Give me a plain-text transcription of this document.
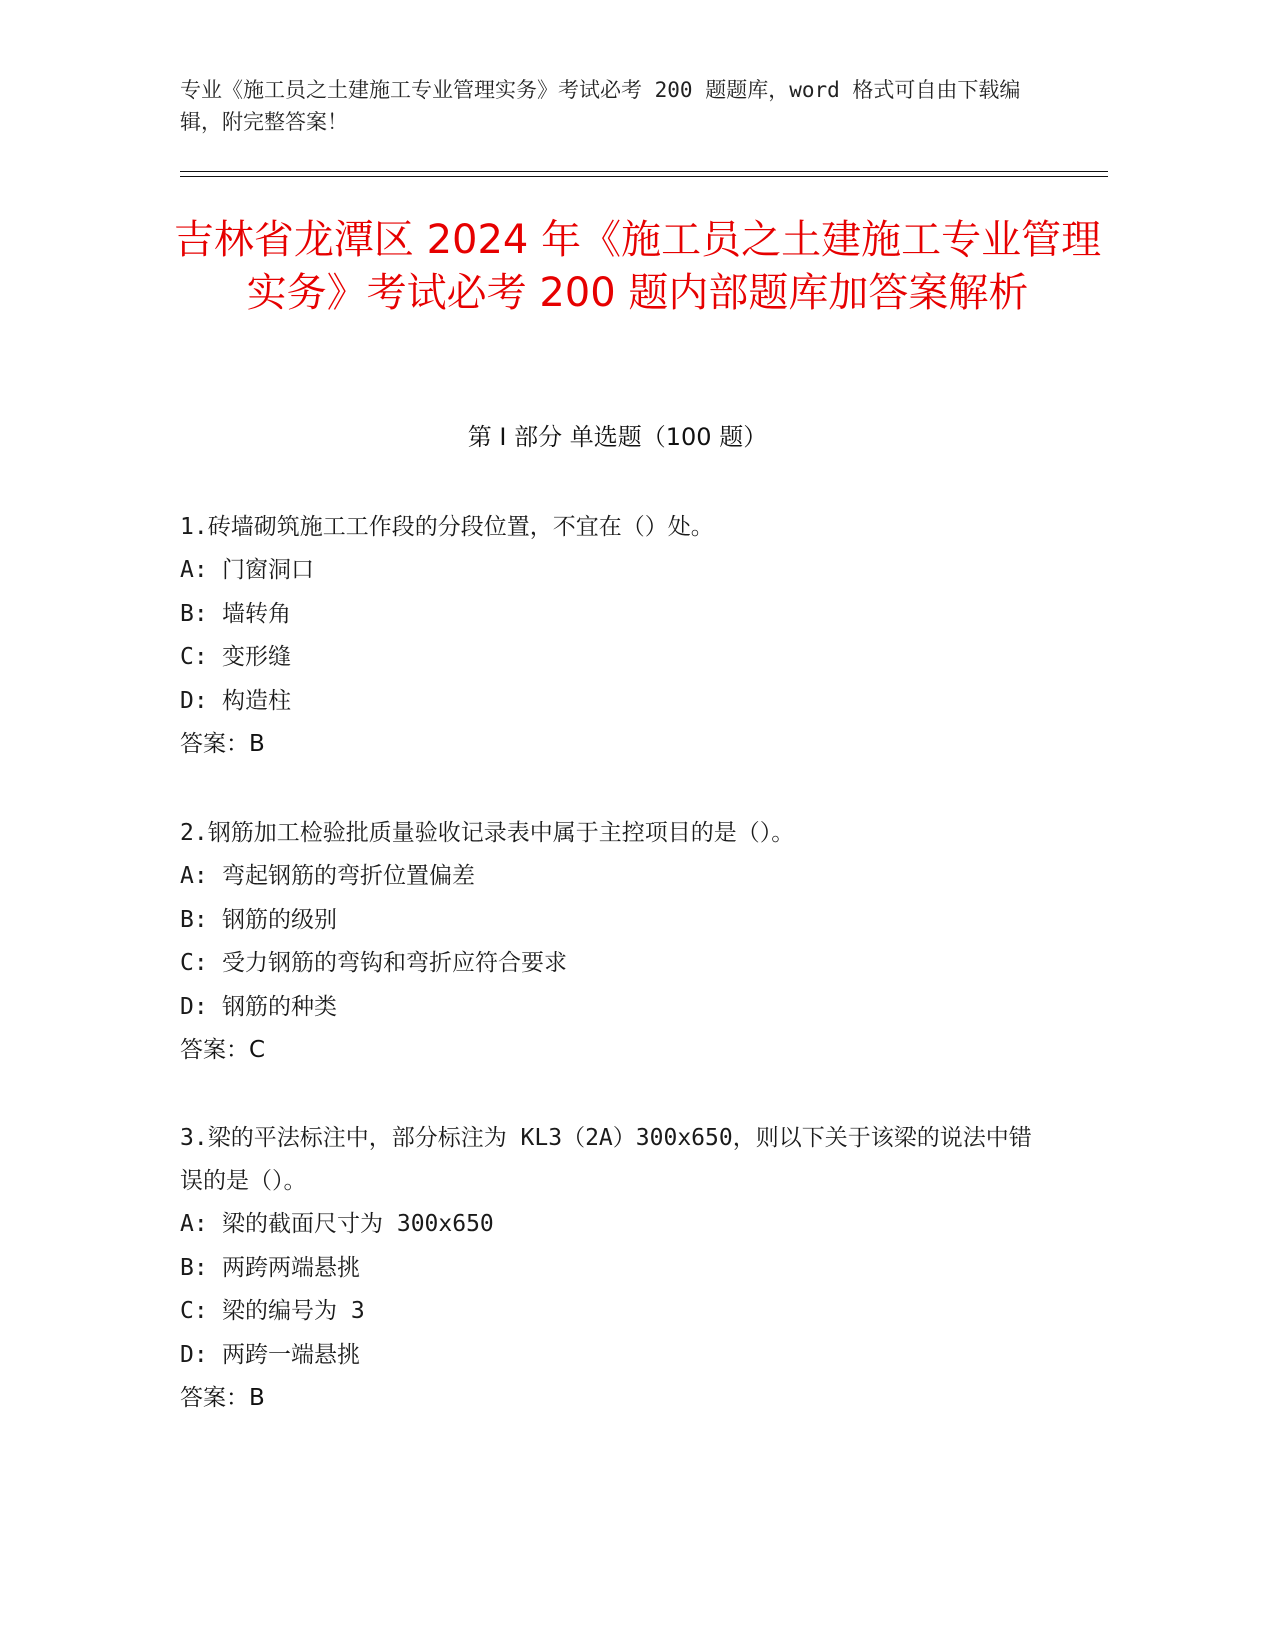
专业《施工员之土建施工专业管理实务》考试必考 200 题题库，word 格式可自由下载编辑，附完整答案！
吉林省龙潭区 2024 年《施工员之土建施工专业管理实务》考试必考 200 题内部题库加答案解析
第 I 部分 单选题（100 题）

1.砖墙砌筑施工工作段的分段位置，不宜在（）处。

A: 门窗洞口

B: 墙转角

C: 变形缝

D: 构造柱

答案：B

2.钢筋加工检验批质量验收记录表中属于主控项目的是（）。

A: 弯起钢筋的弯折位置偏差

B: 钢筋的级别

C: 受力钢筋的弯钩和弯折应符合要求

D: 钢筋的种类

答案：C

3.梁的平法标注中，部分标注为 KL3（2A）300x650，则以下关于该梁的说法中错误的是（）。

A: 梁的截面尺寸为 300x650

B: 两跨两端悬挑

C: 梁的编号为 3

D: 两跨一端悬挑

答案：B
